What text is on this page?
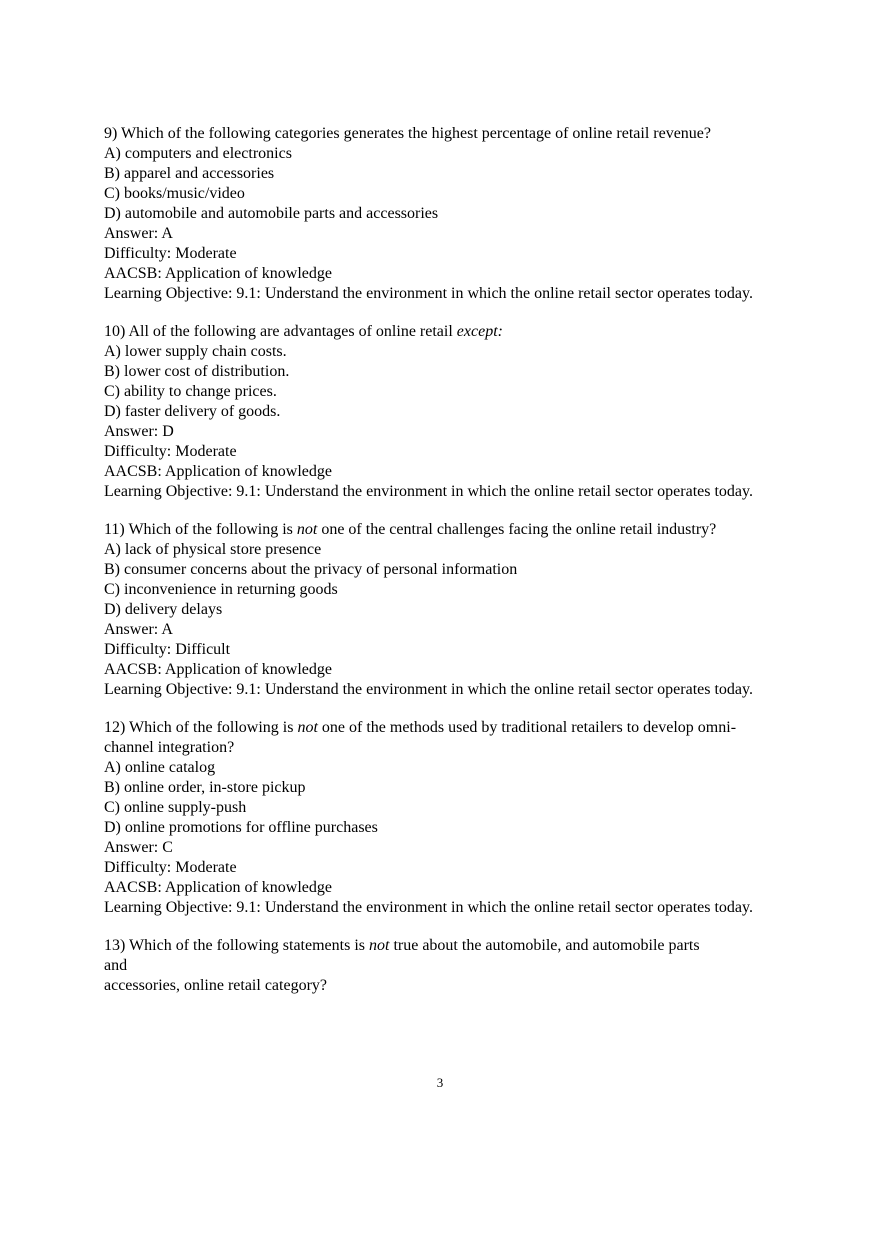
9) Which of the following categories generates the highest percentage of online retail revenue?
A) computers and electronics
B) apparel and accessories
C) books/music/video
D) automobile and automobile parts and accessories
Answer: A
Difficulty: Moderate
AACSB: Application of knowledge
Learning Objective: 9.1: Understand the environment in which the online retail sector operates today.
10) All of the following are advantages of online retail except:
A) lower supply chain costs.
B) lower cost of distribution.
C) ability to change prices.
D) faster delivery of goods.
Answer: D
Difficulty: Moderate
AACSB: Application of knowledge
Learning Objective: 9.1: Understand the environment in which the online retail sector operates today.
11) Which of the following is not one of the central challenges facing the online retail industry?
A) lack of physical store presence
B) consumer concerns about the privacy of personal information
C) inconvenience in returning goods
D) delivery delays
Answer: A
Difficulty: Difficult
AACSB: Application of knowledge
Learning Objective: 9.1: Understand the environment in which the online retail sector operates today.
12) Which of the following is not one of the methods used by traditional retailers to develop omni-channel integration?
A) online catalog
B) online order, in-store pickup
C) online supply-push
D) online promotions for offline purchases
Answer: C
Difficulty: Moderate
AACSB: Application of knowledge
Learning Objective: 9.1: Understand the environment in which the online retail sector operates today.
13) Which of the following statements is not true about the automobile, and automobile parts
and
accessories, online retail category?
3
